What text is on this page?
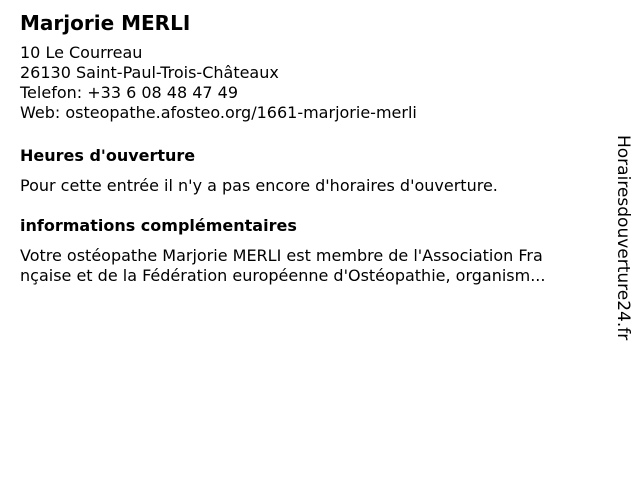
Marjorie MERLI
10 Le Courreau
26130 Saint-Paul-Trois-Châteaux
Telefon: +33 6 08 48 47 49
Web: osteopathe.afosteo.org/1661-marjorie-merli
Heures d'ouverture
Pour cette entrée il n'y a pas encore d'horaires d'ouverture.
informations complémentaires
Votre ostéopathe Marjorie MERLI est membre de l'Association Fra
nçaise et de la Fédération européenne d'Ostéopathie, organism...	Horairesdouverture24.fr
